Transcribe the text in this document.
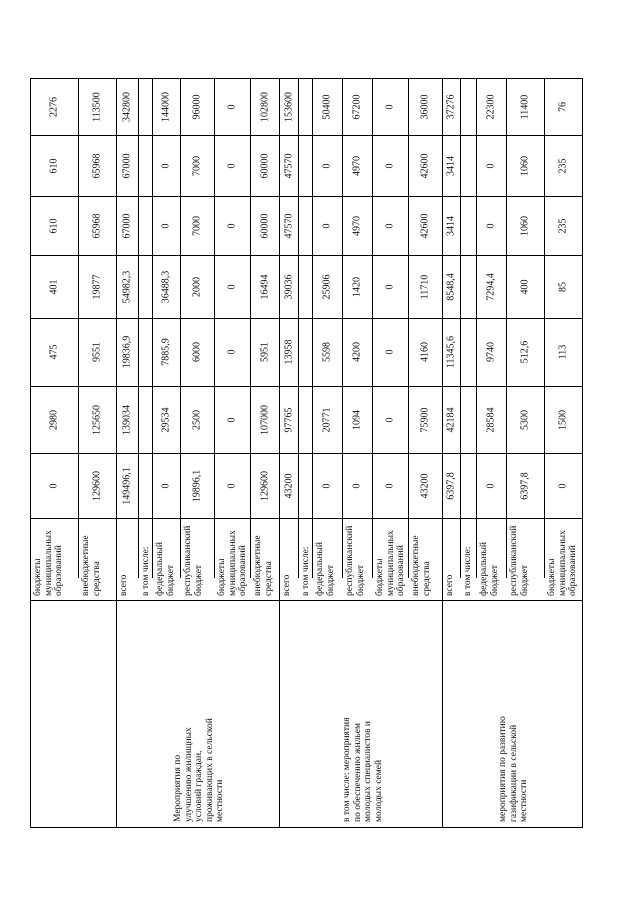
0
2980
475
401
610
610
2276
бюджеты
муниципальных
образований
129600
125650
9551
19877
65968
65968
113500
внебюджетные
средства
149496,1
139034
19836,9
54982,3
67000
67000
342800
всего в том числе:
0
29534
7885,9
36488,3
0
0
144000
федеральный
бюджет
19896,1
2500
6000
2000
7000
7000
96000
республиканский
бюджет
0
0
0
0
0
0
0
бюджеты
муниципальных
образований
129600
107000
5951
16494
60000
60000
102800
внебюджетные
средства
43200
97765
13958
39036
47570
47570
153600
всего в том числе:
0
20771
5598
25906
0
0
50400
федеральный
бюджет
0
1094
4200
1420
4970
4970
67200
республиканский
бюджет
0
0
0
0
0
0
0
бюджеты
муниципальных
образований
43200
75900
4160
11710
42600
42600
36000
внебюджетные
средства
6397,8
42184
11345,6
8548,4
3414
3414
37276
всего в том числе:
0
28584
9740
7294,4
0
0
22300
федеральный
бюджет
6397,8
5300
512,6
400
1060
1060
11400
республиканский
бюджет
0
1500
113
85
235
235
76
бюджеты
муниципальных
образований
Мероприятия по
улучшению жилищных
условий граждан,
проживающих в сельской
местности	в том числе: мероприятия
по обеспечению жильем
молодых специалистов и
молодых семей	мероприятия по развитию
газификации в сельской
местности
